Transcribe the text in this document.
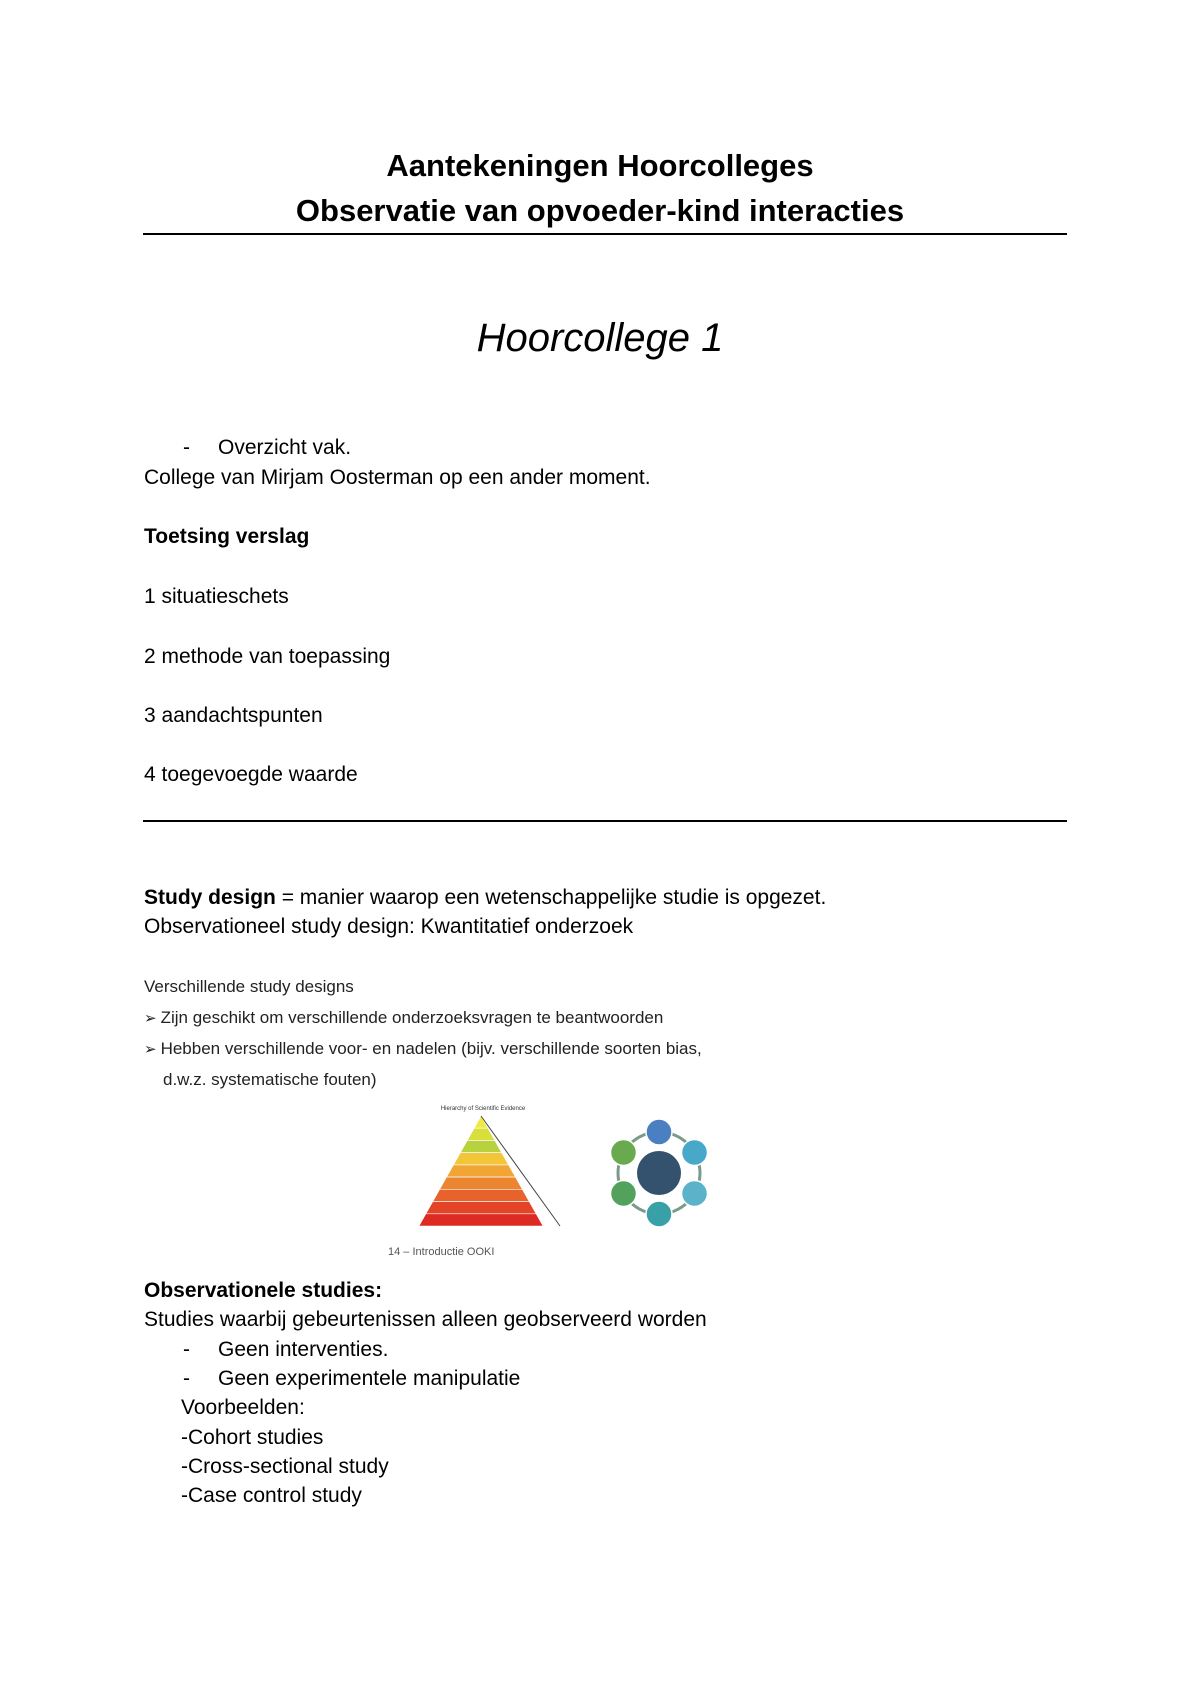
Aantekeningen Hoorcolleges
Observatie van opvoeder-kind interacties
Hoorcollege 1
- Overzicht vak.
College van Mirjam Oosterman op een ander moment.
Toetsing verslag
1 situatieschets
2 methode van toepassing
3 aandachtspunten
4 toegevoegde waarde
Study design = manier waarop een wetenschappelijke studie is opgezet.
Observationeel study design: Kwantitatief onderzoek
Verschillende study designs
➢ Zijn geschikt om verschillende onderzoeksvragen te beantwoorden
➢ Hebben verschillende voor- en nadelen (bijv. verschillende soorten bias,
d.w.z. systematische fouten)
Hierarchy of Scientific Evidence
14 – Introductie OOKI
Observationele studies:
Studies waarbij gebeurtenissen alleen geobserveerd worden
- Geen interventies.
- Geen experimentele manipulatie
Voorbeelden:
-Cohort studies
-Cross-sectional study
-Case control study
